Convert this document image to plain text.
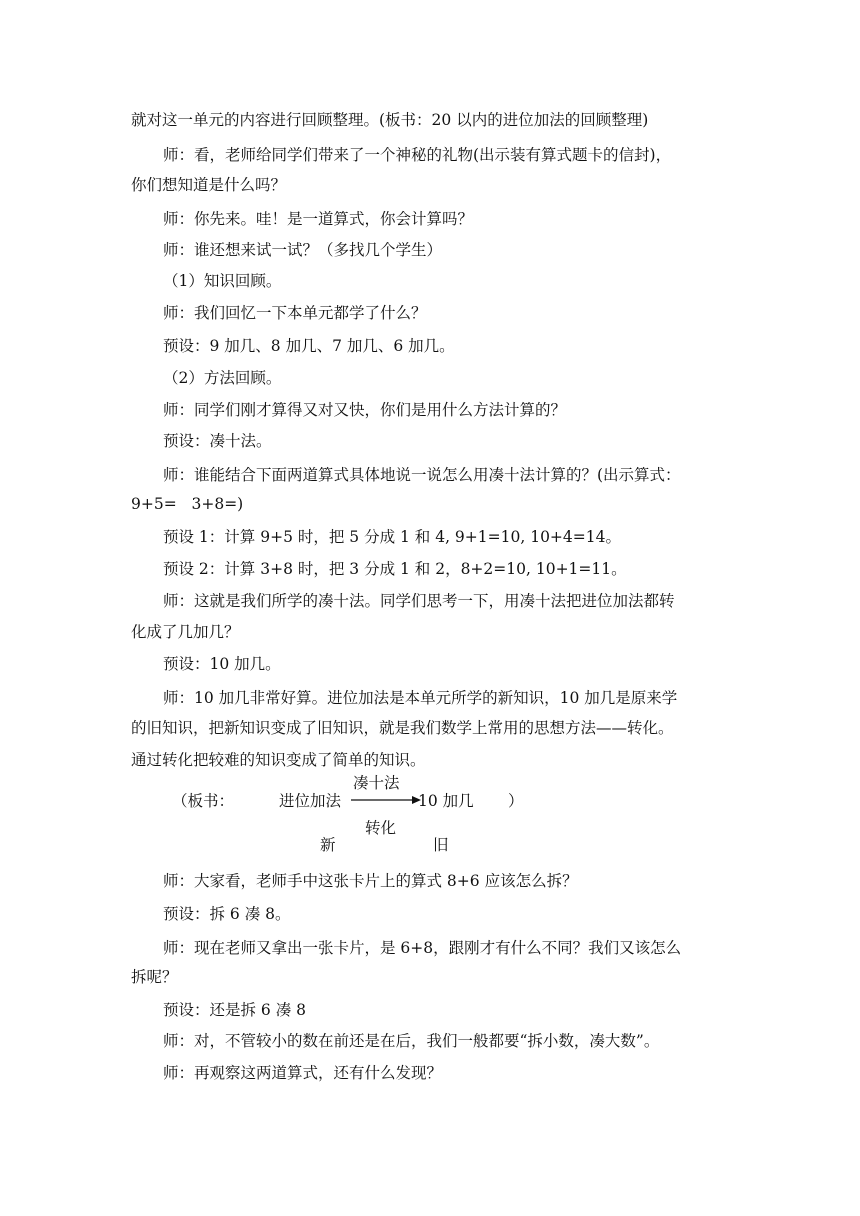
就对这一单元的内容进行回顾整理。(板书：20 以内的进位加法的回顾整理)
师：看，老师给同学们带来了一个神秘的礼物(出示装有算式题卡的信封)，
你们想知道是什么吗？
师：你先来。哇！是一道算式，你会计算吗？
师：谁还想来试一试？（多找几个学生）
（1）知识回顾。
师：我们回忆一下本单元都学了什么？
预设：9 加几、8 加几、7 加几、6 加几。
（2）方法回顾。
师：同学们刚才算得又对又快，你们是用什么方法计算的？
预设：凑十法。
师：谁能结合下面两道算式具体地说一说怎么用凑十法计算的？(出示算式：
9+5=   3+8=)
预设 1：计算 9+5 时，把 5 分成 1 和 4, 9+1=10, 10+4=14。
预设 2：计算 3+8 时，把 3 分成 1 和 2，8+2=10, 10+1=11。
师：这就是我们所学的凑十法。同学们思考一下，用凑十法把进位加法都转
化成了几加几？
预设：10 加几。
师：10 加几非常好算。进位加法是本单元所学的新知识，10 加几是原来学
的旧知识，把新知识变成了旧知识，就是我们数学上常用的思想方法——转化。
通过转化把较难的知识变成了简单的知识。
（板书：	进位加法
凑十法
10 加几 ）
转化
新	旧
师：大家看，老师手中这张卡片上的算式 8+6 应该怎么拆？
预设：拆 6 凑 8。
师：现在老师又拿出一张卡片，是 6+8，跟刚才有什么不同？我们又该怎么
拆呢？
预设：还是拆 6 凑 8
师：对，不管较小的数在前还是在后，我们一般都要“拆小数，凑大数”。
师：再观察这两道算式，还有什么发现？
